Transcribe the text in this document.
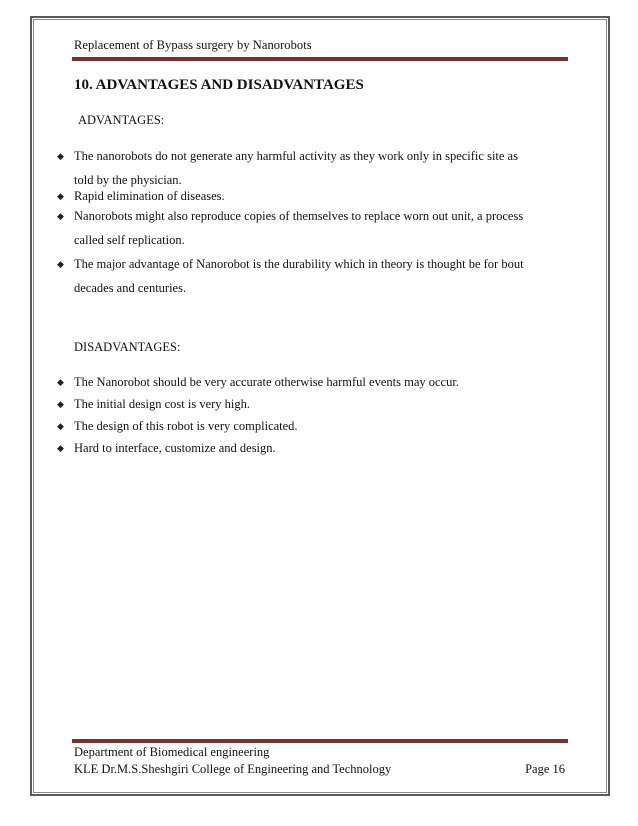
Replacement of Bypass surgery by Nanorobots
10. ADVANTAGES AND DISADVANTAGES
ADVANTAGES:
◆ The nanorobots do not generate any harmful activity as they work only in specific site as
told by the physician.
◆ Rapid elimination of diseases.
◆ Nanorobots might also reproduce copies of themselves to replace worn out unit, a process
called self replication.
◆ The major advantage of Nanorobot is the durability which in theory is thought be for bout
decades and centuries.
DISADVANTAGES:
◆ The Nanorobot should be very accurate otherwise harmful events may occur.
◆ The initial design cost is very high.
◆ The design of this robot is very complicated.
◆ Hard to interface, customize and design.
Department of Biomedical engineering
KLE Dr.M.S.Sheshgiri College of Engineering and Technology	Page 16
